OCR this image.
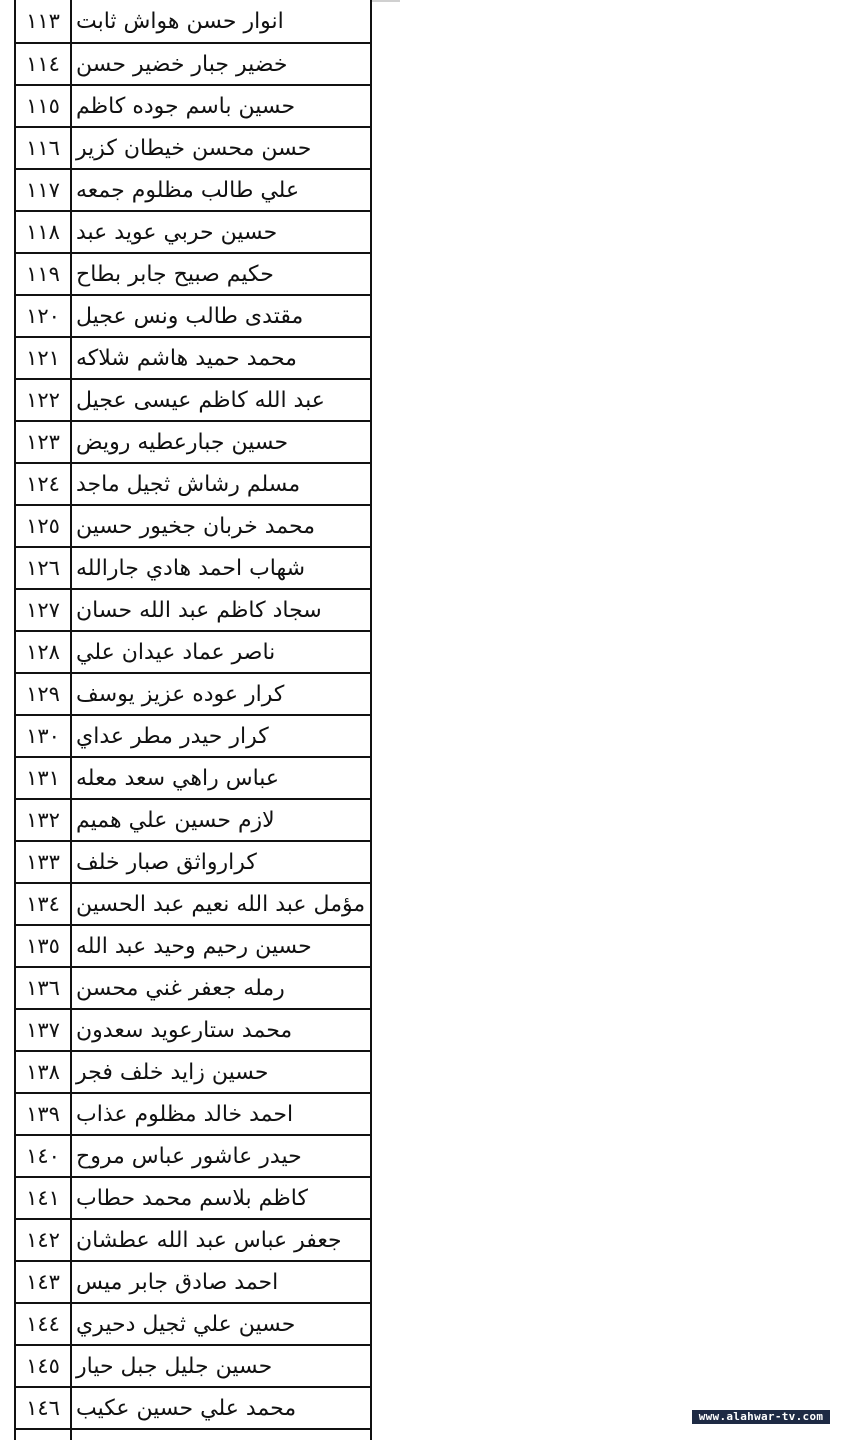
١١٣ انوار حسن هواش ثابت
١١٤ خضير جبار خضير حسن
١١٥ حسين باسم جوده كاظم
١١٦ حسن محسن خيطان كزير
١١٧ علي طالب مظلوم جمعه
١١٨ حسين حربي عويد عبد
١١٩ حكيم صبيح جابر بطاح
١٢٠ مقتدى طالب ونس عجيل
١٢١ محمد حميد هاشم شلاكه
١٢٢ عبد الله كاظم عيسى عجيل
١٢٣ حسين جبارعطيه رويض
١٢٤ مسلم رشاش ثجيل ماجد
١٢٥ محمد خربان جخيور حسين
١٢٦ شهاب احمد هادي جارالله
١٢٧ سجاد كاظم عبد الله حسان
١٢٨ ناصر عماد عيدان علي
١٢٩ كرار عوده عزيز يوسف
١٣٠ كرار حيدر مطر عداي
١٣١ عباس راهي سعد معله
١٣٢ لازم حسين علي هميم
١٣٣ كرارواثق صبار خلف
١٣٤ مؤمل عبد الله نعيم عبد الحسين
١٣٥ حسين رحيم وحيد عبد الله
١٣٦ رمله جعفر غني محسن
١٣٧ محمد ستارعويد سعدون
١٣٨ حسين زايد خلف فجر
١٣٩ احمد خالد مظلوم عذاب
١٤٠ حيدر عاشور عباس مروح
١٤١ كاظم بلاسم محمد حطاب
١٤٢ جعفر عباس عبد الله عطشان
١٤٣ احمد صادق جابر ميس
١٤٤ حسين علي ثجيل دحيري
١٤٥ حسين جليل جبل حيار
١٤٦ محمد علي حسين عكيب	www.alahwar-tv.com
